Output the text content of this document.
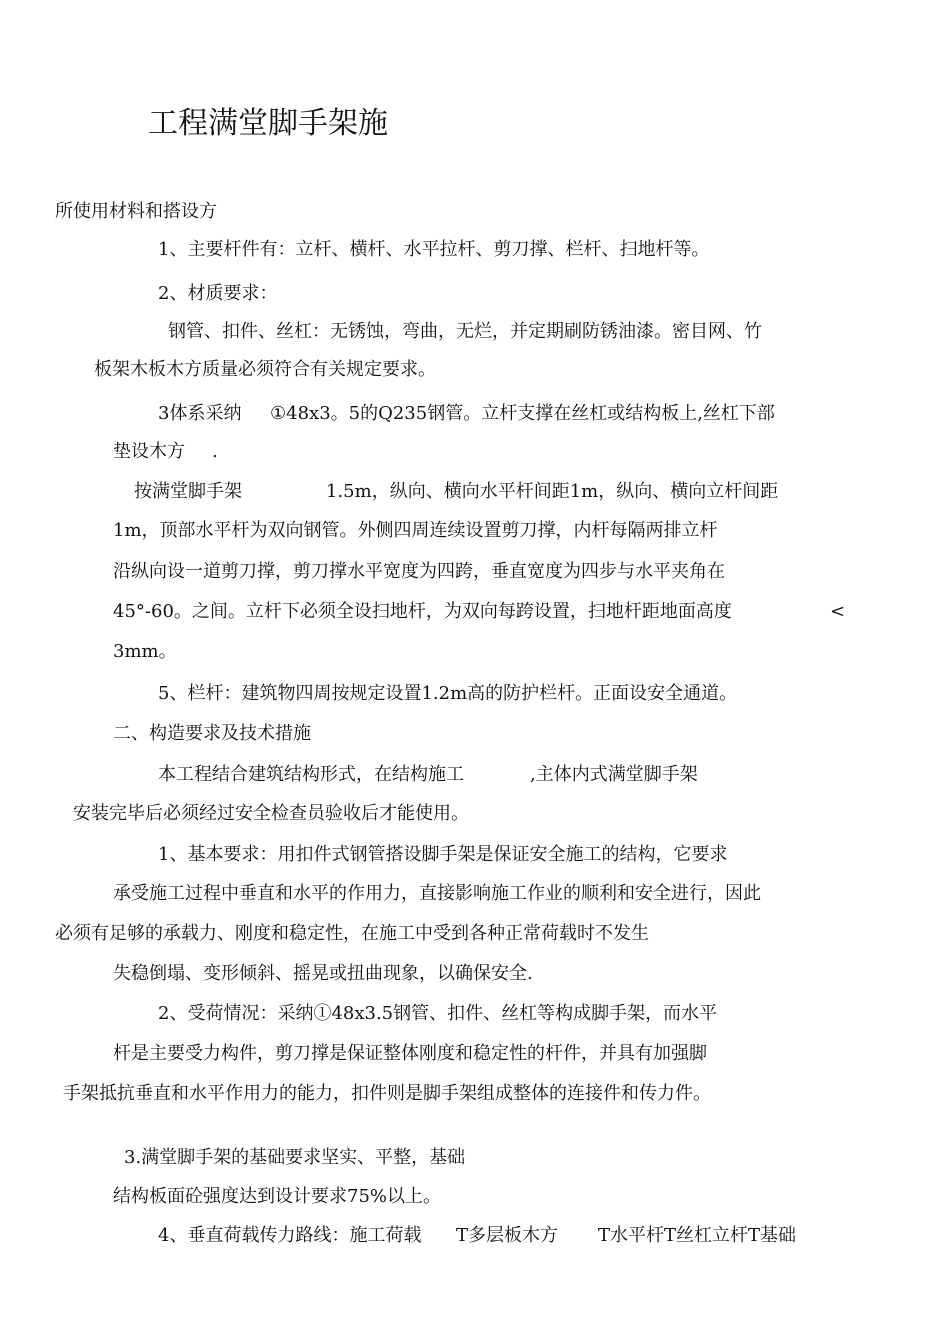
工程满堂脚手架施
所使用材料和搭设方
1、主要杆件有：立杆、横杆、水平拉杆、剪刀撑、栏杆、扫地杆等。
2、材质要求：
钢管、扣件、丝杠：无锈蚀，弯曲，无烂，并定期刷防锈油漆。密目网、竹
板架木板木方质量必须符合有关规定要求。
3体系采纳 ①48x3。5的Q235钢管。立杆支撑在丝杠或结构板上,丝杠下部
垫设木方 .
按满堂脚手架	1.5m，纵向、横向水平杆间距1m，纵向、横向立杆间距
1m，顶部水平杆为双向钢管。外侧四周连续设置剪刀撑，内杆每隔两排立杆
沿纵向设一道剪刀撑，剪刀撑水平宽度为四跨，垂直宽度为四步与水平夹角在
45°-60。之间。立杆下必须全设扫地杆，为双向每跨设置，扫地杆距地面高度	<
3mm。
5、栏杆：建筑物四周按规定设置1.2m高的防护栏杆。正面设安全通道。
二、构造要求及技术措施
本工程结合建筑结构形式，在结构施工	,主体内式满堂脚手架
安装完毕后必须经过安全检查员验收后才能使用。
1、基本要求：用扣件式钢管搭设脚手架是保证安全施工的结构，它要求
承受施工过程中垂直和水平的作用力，直接影响施工作业的顺利和安全进行，因此
必须有足够的承载力、刚度和稳定性，在施工中受到各种正常荷载时不发生
失稳倒塌、变形倾斜、摇晃或扭曲现象，以确保安全.
2、受荷情况：采纳①48x3.5钢管、扣件、丝杠等构成脚手架，而水平
杆是主要受力构件，剪刀撑是保证整体刚度和稳定性的杆件，并具有加强脚
手架抵抗垂直和水平作用力的能力，扣件则是脚手架组成整体的连接件和传力件。
3.满堂脚手架的基础要求坚实、平整，基础
结构板面砼强度达到设计要求75%以上。
4、垂直荷载传力路线：施工荷载 T多层板木方 T水平杆T丝杠立杆T基础
